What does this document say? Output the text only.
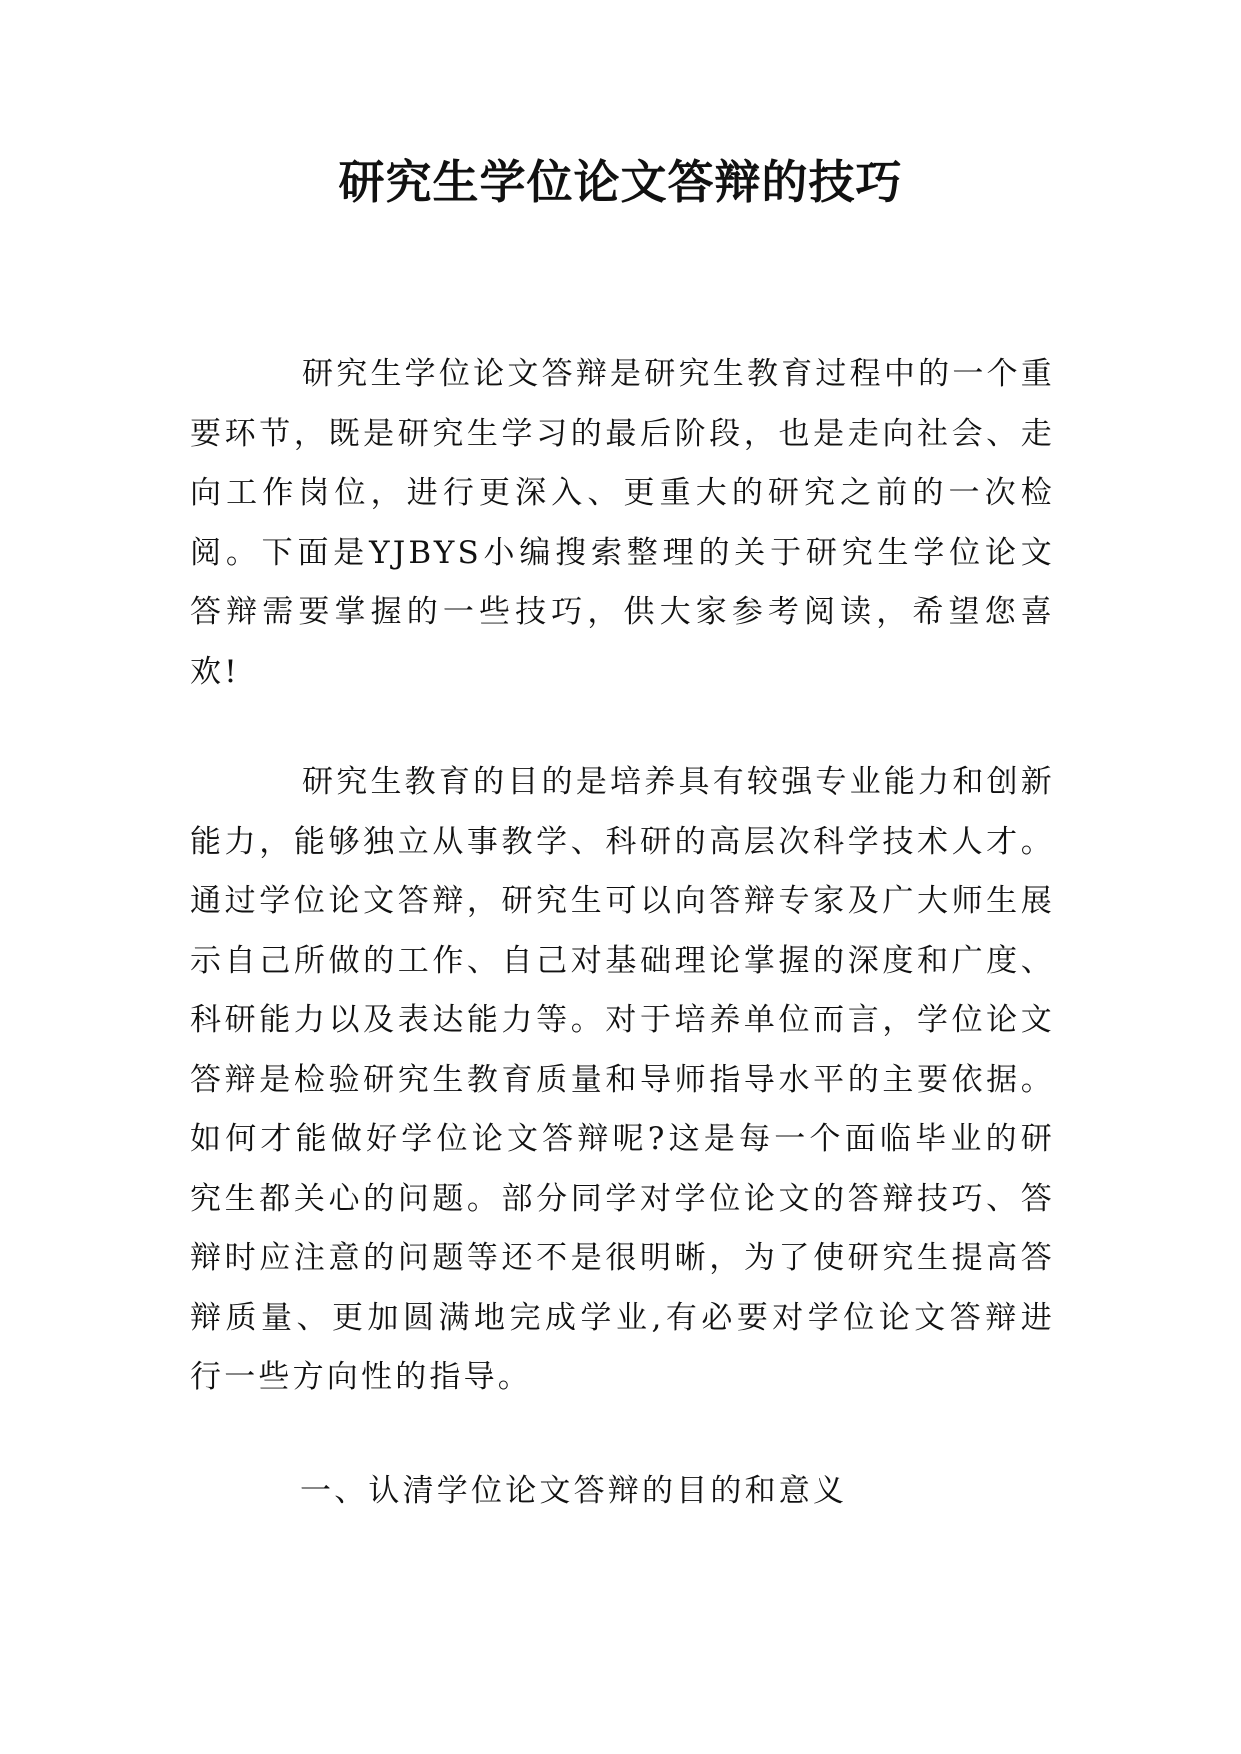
研究生学位论文答辩的技巧

研究生学位论文答辩是研究生教育过程中的一个重要环节，既是研究生学习的最后阶段，也是走向社会、走向工作岗位，进行更深入、更重大的研究之前的一次检阅。下面是YJBYS小编搜索整理的关于研究生学位论文答辩需要掌握的一些技巧，供大家参考阅读，希望您喜欢!

研究生教育的目的是培养具有较强专业能力和创新能力，能够独立从事教学、科研的高层次科学技术人才。通过学位论文答辩，研究生可以向答辩专家及广大师生展示自己所做的工作、自己对基础理论掌握的深度和广度、科研能力以及表达能力等。对于培养单位而言，学位论文答辩是检验研究生教育质量和导师指导水平的主要依据。如何才能做好学位论文答辩呢?这是每一个面临毕业的研究生都关心的问题。部分同学对学位论文的答辩技巧、答辩时应注意的问题等还不是很明晰，为了使研究生提高答辩质量、更加圆满地完成学业,有必要对学位论文答辩进行一些方向性的指导。

一、认清学位论文答辩的目的和意义
